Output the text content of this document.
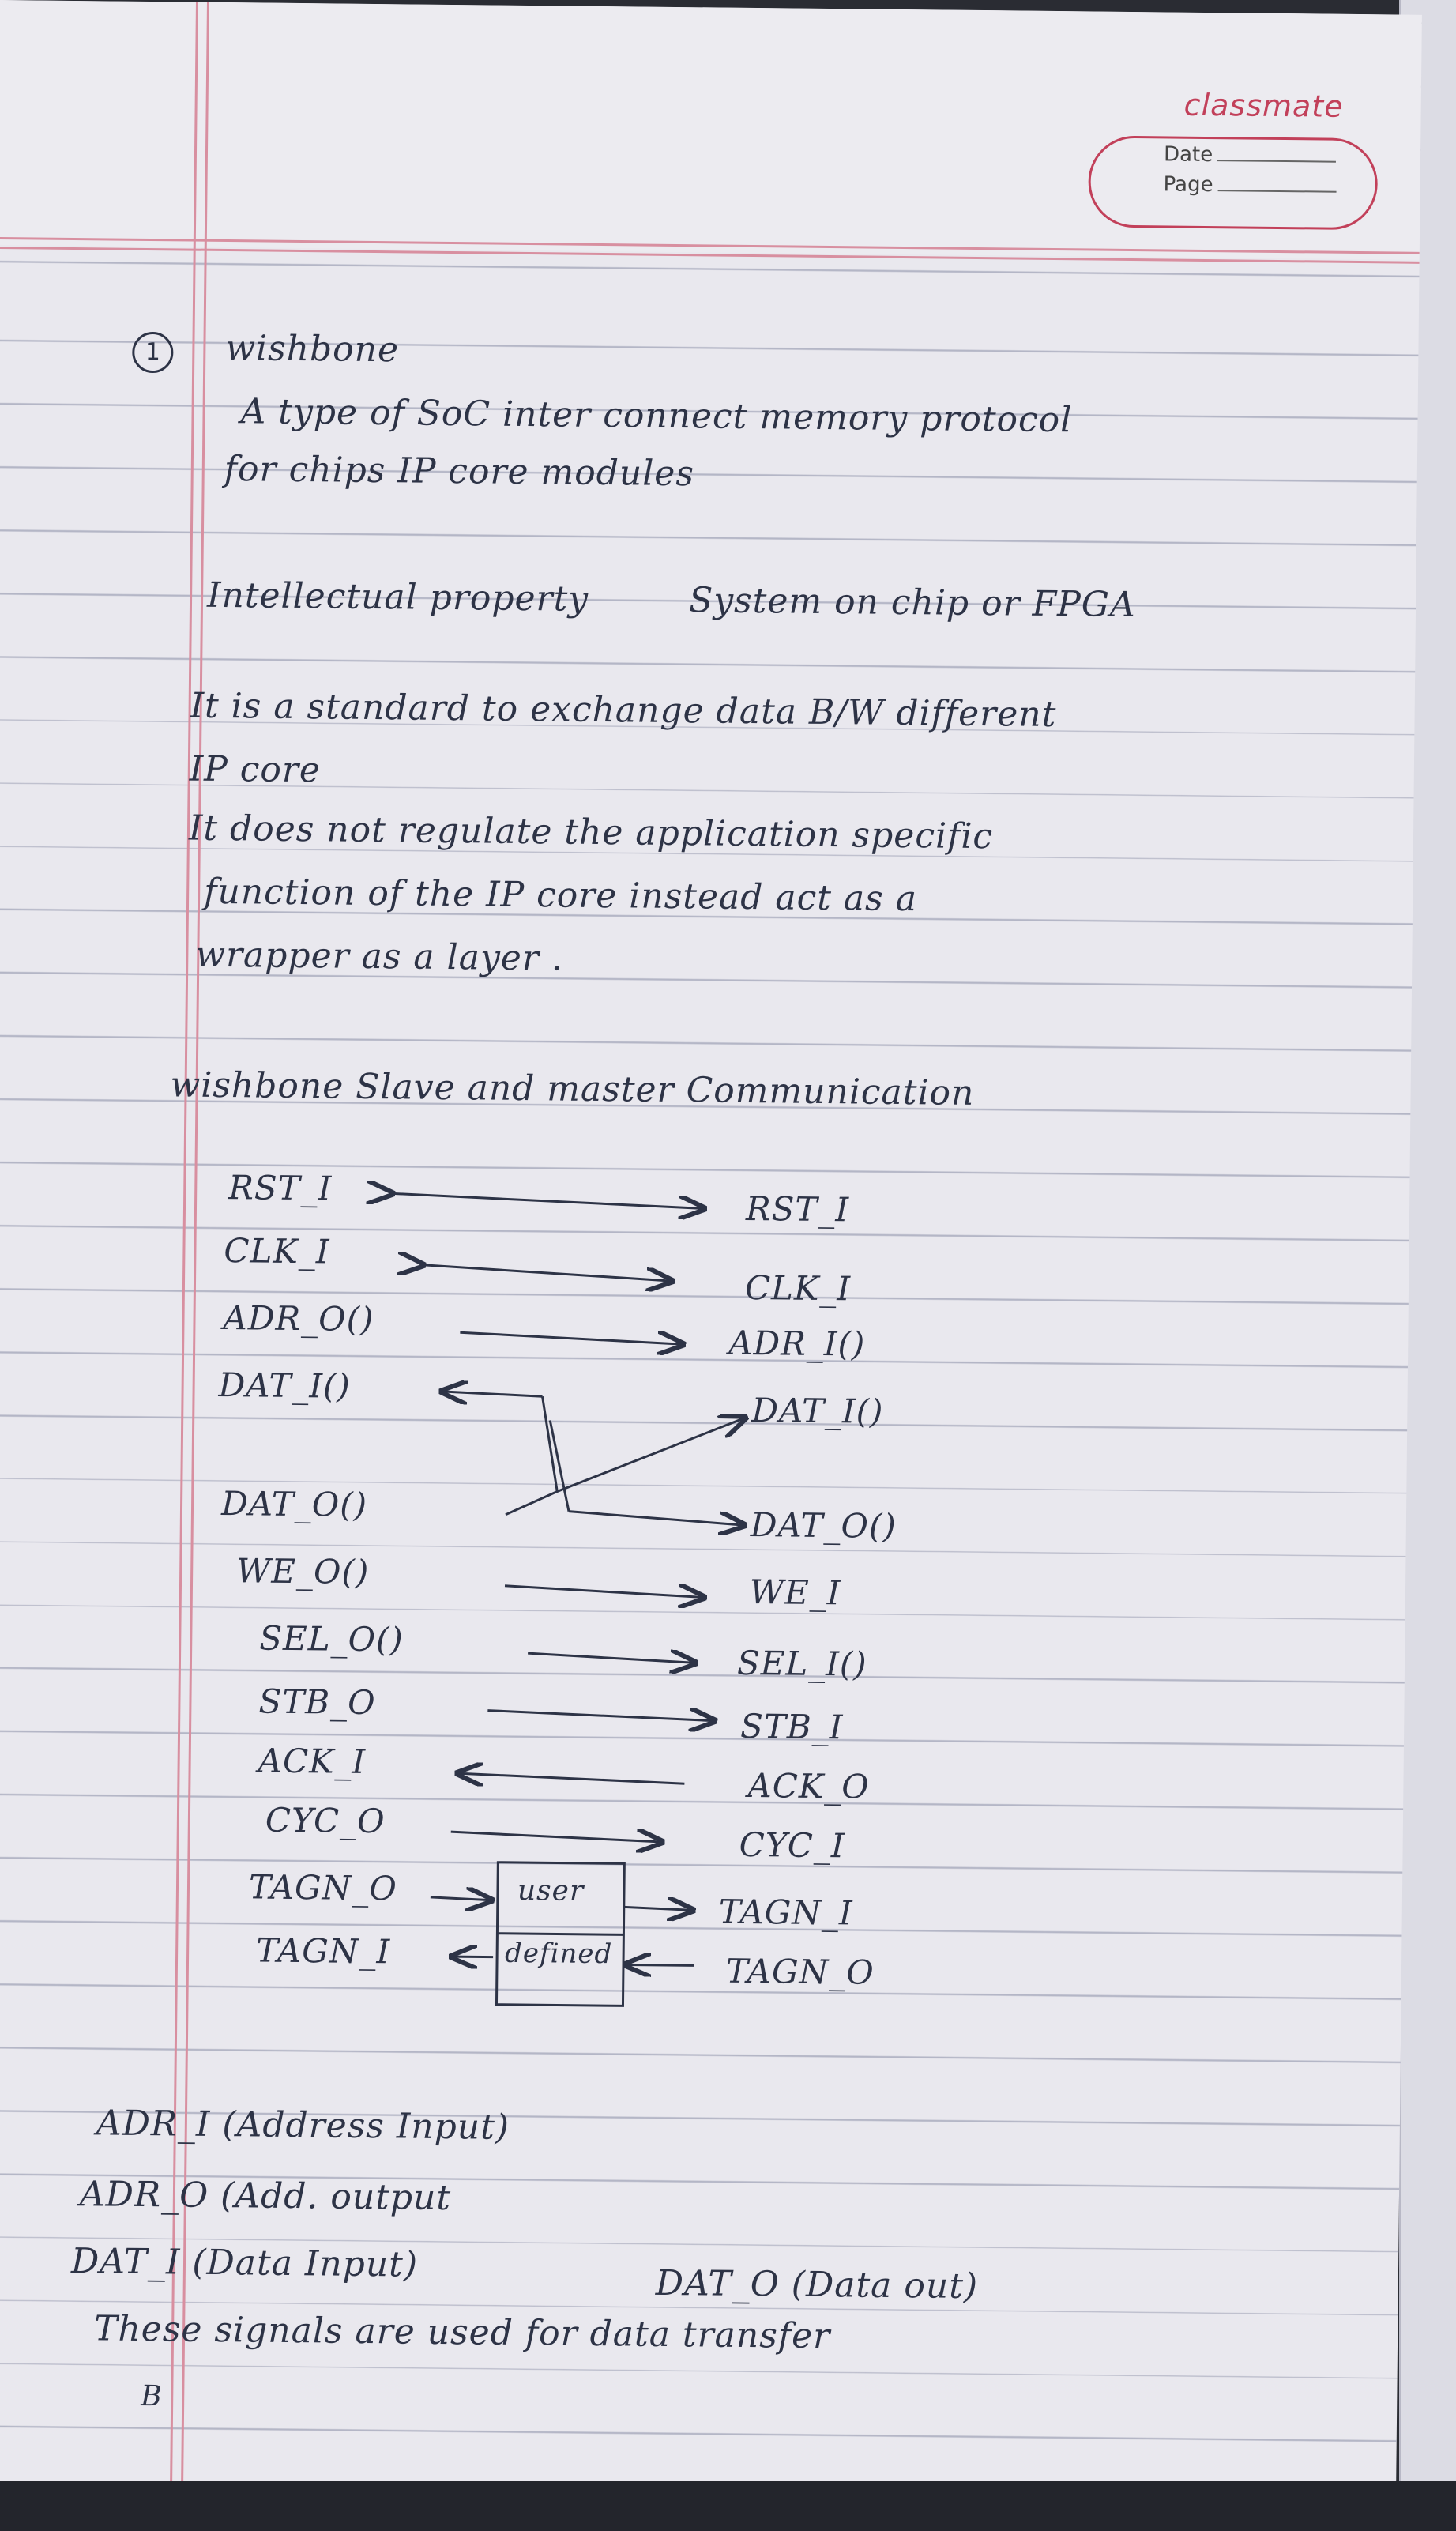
classmate
Date
Page
1	wishbone
A type of SoC inter connect memory protocol
for chips IP core modules
Intellectual property	System on chip or FPGA
It is a standard to exchange data B/W different
IP core
It does not regulate the application specific
function of the IP core instead act as a
wrapper as a layer .
wishbone Slave and master Communication
RST_I
RST_I
CLK_I
CLK_I
ADR_O()
ADR_I()
DAT_I()
DAT_I()
DAT_O()
DAT_O()
WE_O()
WE_I
SEL_O()
SEL_I()
STB_O
STB_I
ACK_I
ACK_O
CYC_O
CYC_I
TAGN_O
TAGN_I
TAGN_I
TAGN_O
user
defined
ADR_I (Address Input)
ADR_O (Add. output
DAT_I (Data Input)	DAT_O (Data out)
These signals are used for data transfer
B
